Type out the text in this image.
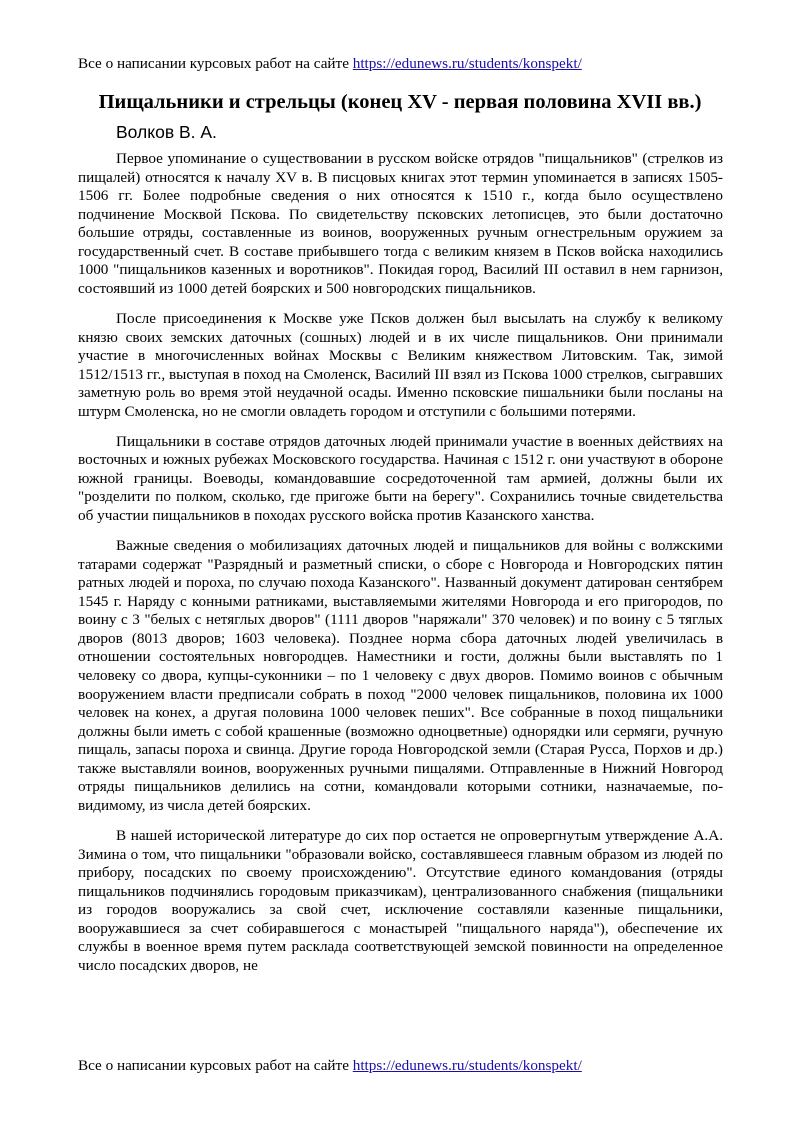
Все о написании курсовых работ на сайте https://edunews.ru/students/konspekt/
Пищальники и стрельцы (конец XV - первая половина XVII вв.)
Волков В. А.

Первое упоминание о существовании в русском войске отрядов "пищальников" (стрелков из пищалей) относятся к началу XV в. В писцовых книгах этот термин упоминается в записях 1505-1506 гг. Более подробные сведения о них относятся к 1510 г., когда было осуществлено подчинение Москвой Пскова. По свидетельству псковских летописцев, это были достаточно большие отряды, составленные из воинов, вооруженных ручным огнестрельным оружием за государственный счет. В составе прибывшего тогда с великим князем в Псков войска находились 1000 "пищальников казенных и воротников". Покидая город, Василий III оставил в нем гарнизон, состоявший из 1000 детей боярских и 500 новгородских пищальников.

После присоединения к Москве уже Псков должен был высылать на службу к великому князю своих земских даточных (сошных) людей и в их числе пищальников. Они принимали участие в многочисленных войнах Москвы с Великим княжеством Литовским. Так, зимой 1512/1513 гг., выступая в поход на Смоленск, Василий III взял из Пскова 1000 стрелков, сыгравших заметную роль во время этой неудачной осады. Именно псковские пишальники были посланы на штурм Смоленска, но не смогли овладеть городом и отступили с большими потерями.

Пищальники в составе отрядов даточных людей принимали участие в военных действиях на восточных и южных рубежах Московского государства. Начиная с 1512 г. они участвуют в обороне южной границы. Воеводы, командовавшие сосредоточенной там армией, должны были их "розделити по полком, сколько, где пригоже быти на берегу". Сохранились точные свидетельства об участии пищальников в походах русского войска против Казанского ханства.

Важные сведения о мобилизациях даточных людей и пищальников для войны с волжскими татарами содержат "Разрядный и разметный списки, о сборе с Новгорода и Новгородских пятин ратных людей и пороха, по случаю похода Казанского". Названный документ датирован сентябрем 1545 г. Наряду с конными ратниками, выставляемыми жителями Новгорода и его пригородов, по воину с 3 "белых с нетяглых дворов" (1111 дворов "наряжали" 370 человек) и по воину с 5 тяглых дворов (8013 дворов; 1603 человека). Позднее норма сбора даточных людей увеличилась в отношении состоятельных новгородцев. Наместники и гости, должны были выставлять по 1 человеку со двора, купцы-суконники – по 1 человеку с двух дворов. Помимо воинов с обычным вооружением власти предписали собрать в поход "2000 человек пищальников, половина их 1000 человек на конех, а другая половина 1000 человек пеших". Все собранные в поход пищальники должны были иметь с собой крашенные (возможно одноцветные) однорядки или сермяги, ручную пищаль, запасы пороха и свинца. Другие города Новгородской земли (Старая Русса, Порхов и др.) также выставляли воинов, вооруженных ручными пищалями. Отправленные в Нижний Новгород отряды пищальников делились на сотни, командовали которыми сотники, назначаемые, повидимому, из числа детей боярских.

В нашей исторической литературе до сих пор остается не опровергнутым утверждение А.А. Зимина о том, что пищальники "образовали войско, составлявшееся главным образом из людей по прибору, посадских по своему происхождению". Отсутствие единого командования (отряды пищальников подчинялись городовым приказчикам), централизованного снабжения (пищальники из городов вооружались за свой счет, исключение составляли казенные пищальники, вооружавшиеся за счет собиравшегося с монастырей "пищального наряда"), обеспечение их службы в военное время путем расклада соответствующей земской повинности на определенное число посадских дворов, не

Все о написании курсовых работ на сайте https://edunews.ru/students/konspekt/
